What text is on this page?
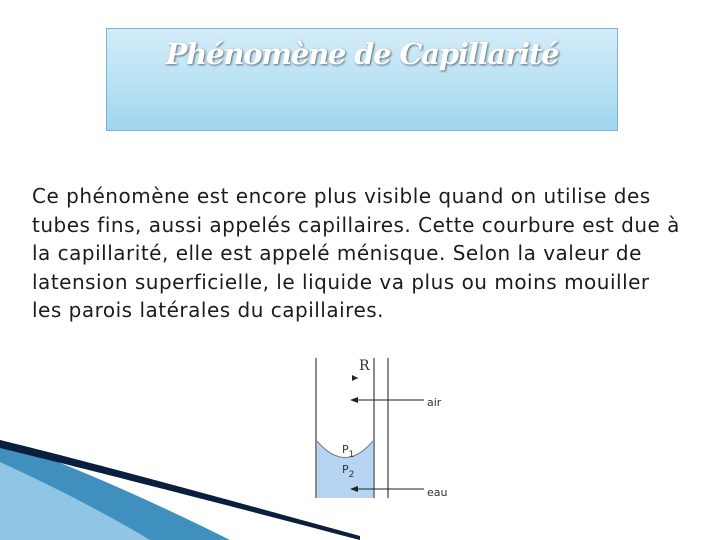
Phénomène de Capillarité

Ce phénomène est encore plus visible quand on utilise des tubes fins, aussi appelés capillaires. Cette courbure est due à la capillarité, elle est appelé ménisque. Selon la valeur de latension superficielle, le liquide va plus ou moins mouiller les parois latérales du capillaires.

R
air
$P_1$
$P_2$
eau
